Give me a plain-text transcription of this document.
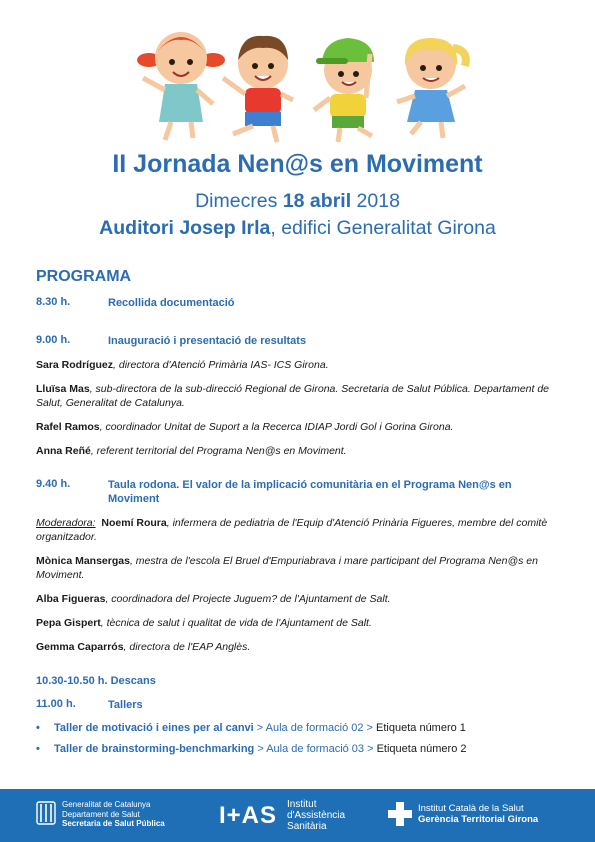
II Jornada Nen@s en Moviment
Dimecres 18 abril 2018
Auditori Josep Irla, edifici Generalitat Girona
PROGRAMA
8.30 h.	Recollida documentació
9.00 h.	Inauguració i presentació de resultats
Sara Rodríguez, directora d'Atenció Primària IAS- ICS Girona.
Lluïsa Mas, sub-directora de la sub-direcció Regional de Girona. Secretaria de Salut Pública. Departament de Salut, Generalitat de Catalunya.
Rafel Ramos, coordinador Unitat de Suport a la Recerca IDIAP Jordi Gol i Gorina Girona.
Anna Reñé, referent territorial del Programa Nen@s en Moviment.
9.40 h.	Taula rodona. El valor de la implicació comunitària en el Programa Nen@s en Moviment
Moderadora: Noemí Roura, infermera de pediatria de l'Equip d'Atenció Prinària Figueres, membre del comitè organitzador.
Mònica Mansergas, mestra de l'escola El Bruel d'Empuriabrava i mare participant del Programa Nen@s en Moviment.
Alba Figueras, coordinadora del Projecte Juguem? de l'Ajuntament de Salt.
Pepa Gispert, tècnica de salut i qualitat de vida de l'Ajuntament de Salt.
Gemma Caparrós, directora de l'EAP Anglès.
10.30-10.50 h. Descans
11.00 h.	Tallers
•	Taller de motivació i eines per al canvi > Aula de formació 02 > Etiqueta número 1
•	Taller de brainstorming-benchmarking > Aula de formació 03 > Etiqueta número 2
Generalitat de Catalunya
Departament de Salut
Secretaria de Salut Pública I+AS Institut
d'Assistència
Sanitària
Institut Català de la Salut
Gerència Territorial Girona
